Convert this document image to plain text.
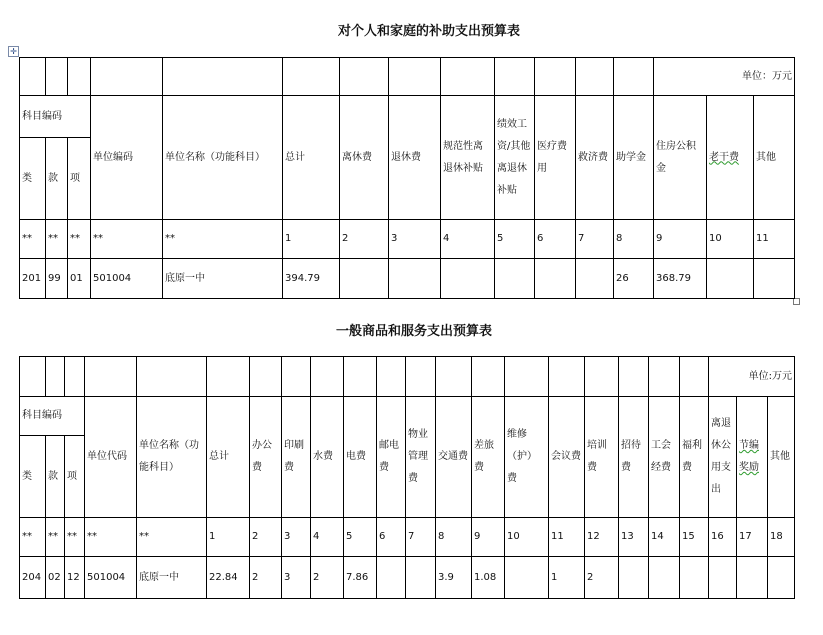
对个人和家庭的补助支出预算表
✛
													单位：万元		
科目编码			单位编码	单位名称（功能科目）	总计	离休费	退休费	规范性离退休补贴	绩效工资/其他离退休补贴	医疗费用	救济费	助学金	住房公积金	老干费	其他
类	款	项													
**	**	**	**	**	1	2	3	4	5	6	7	8	9	10	11
201	99	01	501004	底原一中	394.79							26	368.79		
一般商品和服务支出预算表
																				单位:万元		
科目编码			单位代码	单位名称（功能科目）	总计	办公费	印刷费	水费	电费	邮电费	物业管理费	交通费	差旅费	维修（护）费	会议费	培训费	招待费	工会经费	福利费	离退休公用支出	节编奖励	其他
类	款	项																				
**	**	**	**	**	1	2	3	4	5	6	7	8	9	10	11	12	13	14	15	16	17	18
204	02	12	501004	底原一中	22.84	2	3	2	7.86			3.9	1.08		1	2						
